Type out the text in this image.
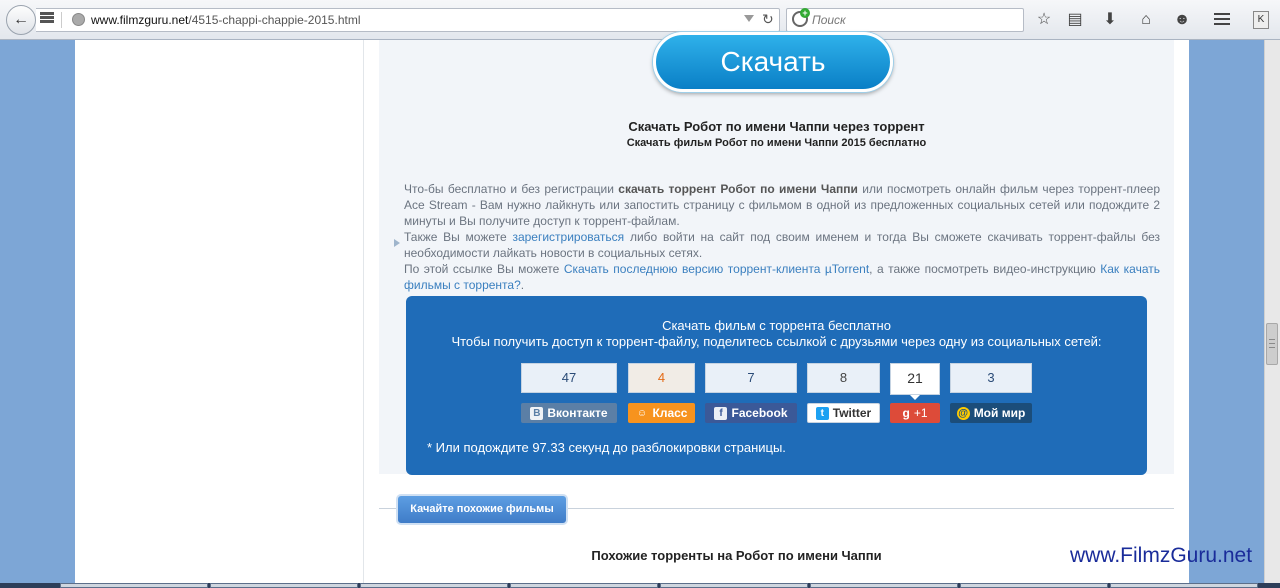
←	www.filmzguru.net/4515-chappi-chappie-2015.html	↻	+ Поиск	☆ ▤ ⬇	⌂	☻	K
Скачать
Скачать Робот по имени Чаппи через торрент
Скачать фильм Робот по имени Чаппи 2015 бесплатно

Что-бы бесплатно и без регистрации скачать торрент Робот по имени Чаппи или посмотреть онлайн фильм через торрент-плеер Ace Stream - Вам нужно лайкнуть или запостить страницу с фильмом в одной из предложенных социальных сетей или подождите 2 минуты и Вы получите доступ к торрент-файлам.

Также Вы можете зарегистрироваться либо войти на сайт под своим именем и тогда Вы сможете скачивать торрент-файлы без необходимости лайкать новости в социальных сетях.

По этой ссылке Вы можете Скачать последнюю версию торрент-клиента µTorrent, а также посмотреть видео-инструкцию Как качать фильмы с торрента?.

Скачать фильм с торрента бесплатно
Чтобы получить доступ к торрент-файлу, поделитесь ссылкой с друзьями через одну из социальных сетей:
* Или подождите 97.33 секунд до разблокировки страницы.
47	4	7	8	21	3
B Вконтакте	☺ Класс	f Facebook	t Twitter	g +1	@ Мой мир
Качайте похожие фильмы
Похожие торренты на Робот по имени Чаппи	www.FilmzGuru.net
